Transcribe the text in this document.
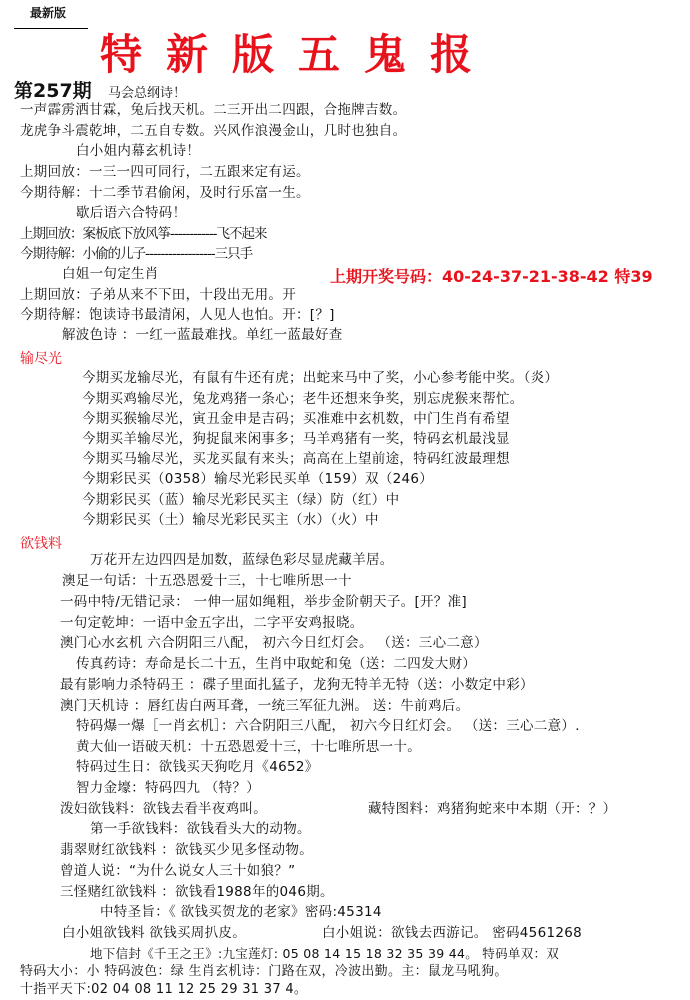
最新版
特新版五鬼报
第257期 马会总纲诗！
一声霹雳洒甘霖，兔后找天机。二三开出二四跟，合拖牌吉数。
龙虎争斗震乾坤，二五自专数。兴风作浪漫金山，几时也独自。
白小姐内幕玄机诗！
上期回放：一三一四可同行，二五跟来定有运。
今期待解：十二季节君偷闲，及时行乐富一生。
歇后语六合特码！
上期回放：案板底下放风筝------------飞不起来
今期待解：小偷的儿子------------------三只手
白姐一句定生肖	上期开奖号码：40-24-37-21-38-42 特39
上期回放：子弟从来不下田，十段出无用。开
今期待解：饱读诗书最清闲，人见人也怕。开：[？]
解波色诗 ：一红一蓝最难找。单红一蓝最好查
输尽光
今期买龙输尽光，有鼠有牛还有虎；出蛇来马中了奖，小心参考能中奖。（炎）
今期买鸡输尽光，兔龙鸡猪一条心；老牛还想来争奖，别忘虎猴来帮忙。
今期买猴输尽光，寅丑金申是吉码；买准难中玄机数，中门生肖有希望
今期买羊输尽光，狗捉鼠来闲事多；马羊鸡猪有一奖，特码玄机最浅显
今期买马输尽光，买龙买鼠有来头；高高在上望前途，特码红波最理想
今期彩民买（0358）输尽光彩民买单（159）双（246）
今期彩民买（蓝）输尽光彩民买主（绿）防（红）中
今期彩民买（土）输尽光彩民买主（水）（火）中
欲钱料
万花开左边四四是加数，蓝绿色彩尽显虎藏羊居。
澳足一句话：十五恐恩爱十三，十七唯所思一十
一码中特/无错记录： 一伸一屈如绳粗，举步金阶朝天子。[开？准]
一句定乾坤：一语中金五字出，二字平安鸡报晓。
澳门心水玄机 六合阴阳三八配， 初六今日红灯会。 （送：三心二意）
传真药诗：寿命是长二十五，生肖中取蛇和兔（送：二四发大财）
最有影响力杀特码王 ：碟子里面扎猛子，龙狗无特羊无特（送：小数定中彩）
澳门天机诗 ：唇红齿白两耳聋，一统三军征九洲。 送：牛前鸡后。
特码爆一爆［一肖玄机］：六合阴阳三八配， 初六今日红灯会。 （送：三心二意）.
黄大仙一语破天机：十五恐恩爱十三，十七唯所思一十。
特码过生日：欲钱买天狗吃月《4652》
智力金壕：特码四九 （特？）
泼妇欲钱料：欲钱去看半夜鸡叫。	藏特图料：鸡猪狗蛇来中本期（开：？）
第一手欲钱料：欲钱看头大的动物。
翡翠财红欲钱料 ：欲钱买少见多怪动物。
曾道人说：“为什么说女人三十如狼？”
三怪赌红欲钱料 ：欲钱看1988年的046期。
中特圣旨：《 欲钱买贺龙的老家》密码:45314
白小姐欲钱料 欲钱买周扒皮。	白小姐说：欲钱去西游记。 密码4561268
地下信封《千王之王》:九宝莲灯: 05 08 14 15 18 32 35 39 44。 特码单双：双
特码大小：小 特码波色：绿 生肖玄机诗：门路在双，冷波出勤。主：鼠龙马吼狗。
十指平天下:02 04 08 11 12 25 29 31 37 4。
